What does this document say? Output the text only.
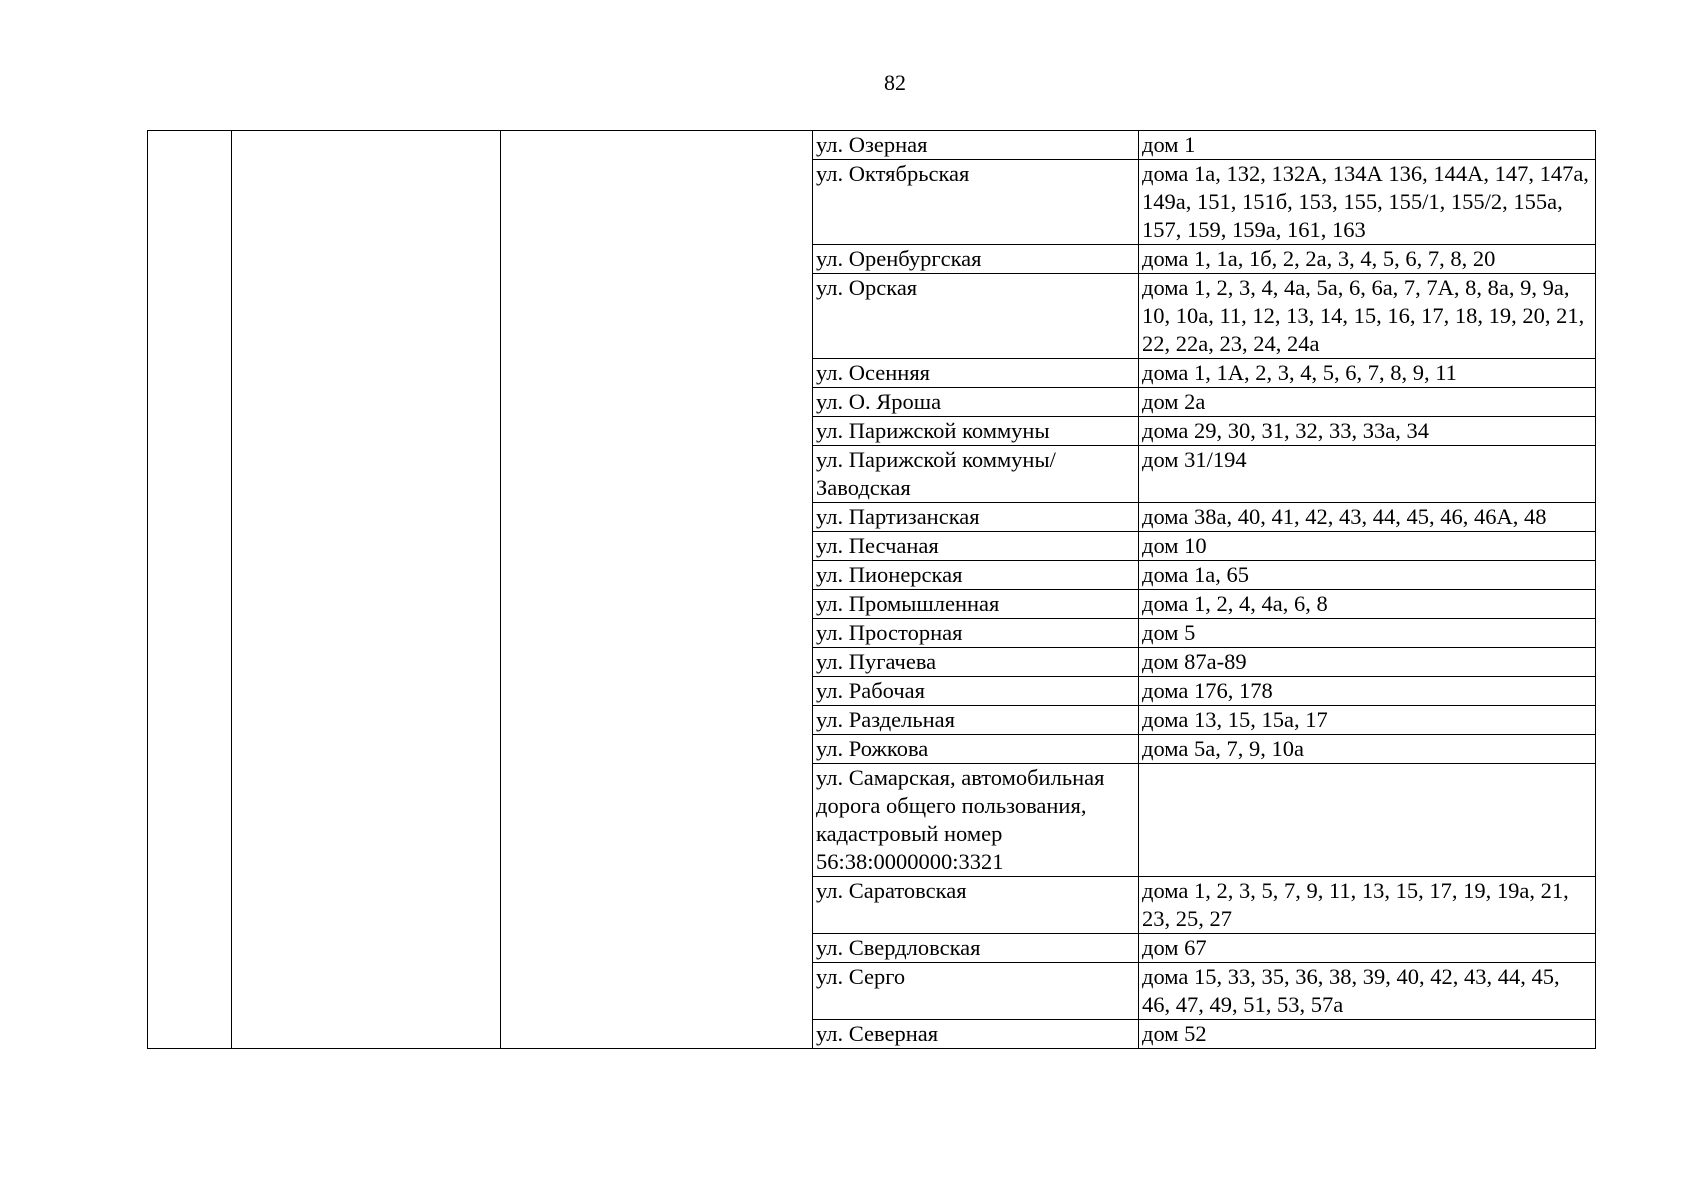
82
			ул. Озерная	дом 1
			ул. Октябрьская	дома 1а, 132, 132А, 134А 136, 144А, 147, 147а, 149а, 151, 151б, 153, 155, 155/1, 155/2, 155а, 157, 159, 159а, 161, 163
			ул. Оренбургская	дома 1, 1а, 1б, 2, 2а, 3, 4, 5, 6, 7, 8, 20
			ул. Орская	дома 1, 2, 3, 4, 4а, 5а, 6, 6а, 7, 7А, 8, 8а, 9, 9а, 10, 10а, 11, 12, 13, 14, 15, 16, 17, 18, 19, 20, 21, 22, 22а, 23, 24, 24а
			ул. Осенняя	дома 1, 1А, 2, 3, 4, 5, 6, 7, 8, 9, 11
			ул. О. Яроша	дом 2а
			ул. Парижской коммуны	дома 29, 30, 31, 32, 33, 33а, 34
			ул. Парижской коммуны/ Заводская	дом 31/194
			ул. Партизанская	дома 38а, 40, 41, 42, 43, 44, 45, 46, 46А, 48
			ул. Песчаная	дом 10
			ул. Пионерская	дома 1а, 65
			ул. Промышленная	дома 1, 2, 4, 4а, 6, 8
			ул. Просторная	дом 5
			ул. Пугачева	дом 87а-89
			ул. Рабочая	дома 176, 178
			ул. Раздельная	дома 13, 15, 15а, 17
			ул. Рожкова	дома 5а, 7, 9, 10а
			ул. Самарская, автомобильная дорога общего пользования, кадастровый номер 56:38:0000000:3321	
			ул. Саратовская	дома 1, 2, 3, 5, 7, 9, 11, 13, 15, 17, 19, 19а, 21, 23, 25, 27
			ул. Свердловская	дом 67
			ул. Серго	дома 15, 33, 35, 36, 38, 39, 40, 42, 43, 44, 45, 46, 47, 49, 51, 53, 57а
			ул. Северная	дом 52
